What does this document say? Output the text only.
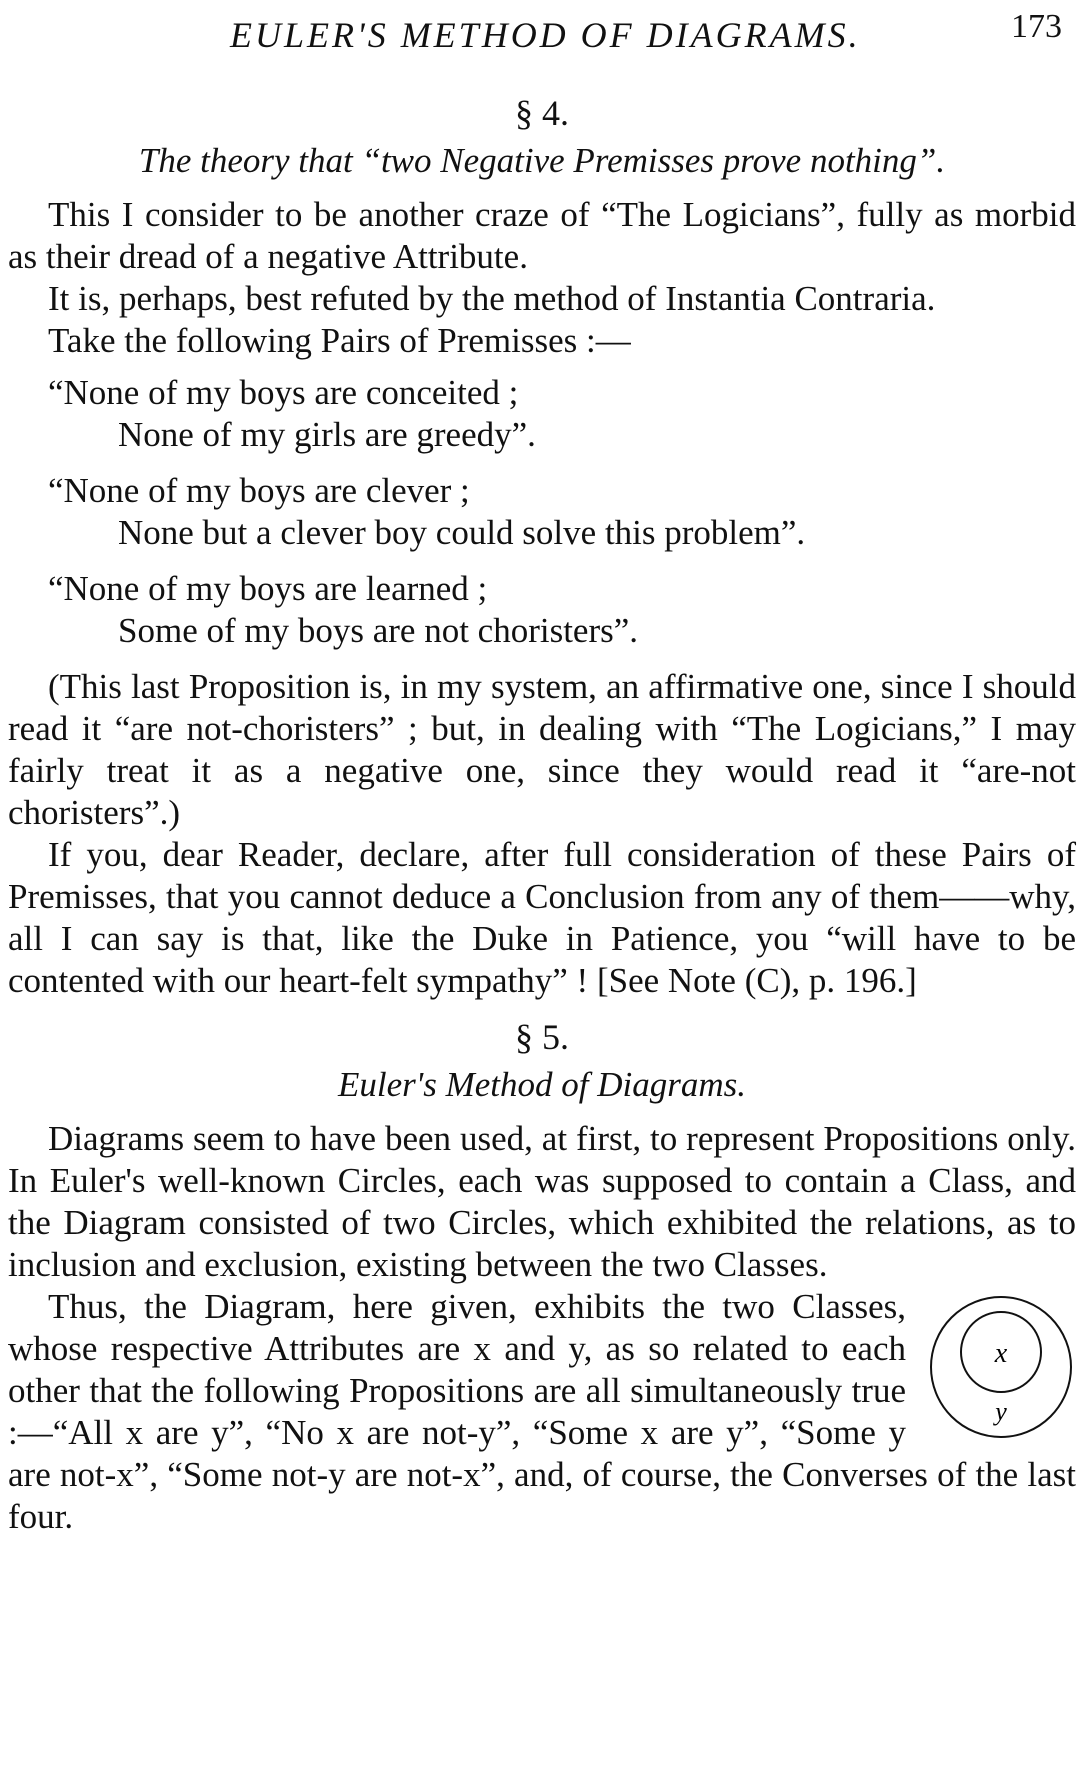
EULER'S METHOD OF DIAGRAMS.	173
§ 4.
The theory that “two Negative Premisses prove nothing”.

This I consider to be another craze of “The Logicians”, fully as morbid as their dread of a negative Attribute.

It is, perhaps, best refuted by the method of Instantia Contraria.

Take the following Pairs of Premisses :—

“None of my boys are conceited ;

None of my girls are greedy”.

“None of my boys are clever ;

None but a clever boy could solve this problem”.

“None of my boys are learned ;

Some of my boys are not choristers”.

(This last Proposition is, in my system, an affirmative one, since I should read it “are not-choristers” ; but, in dealing with “The Logicians,” I may fairly treat it as a negative one, since they would read it “are-not choristers”.)

If you, dear Reader, declare, after full consideration of these Pairs of Premisses, that you cannot deduce a Conclusion from any of them——why, all I can say is that, like the Duke in Patience, you “will have to be contented with our heart-felt sympathy” ! [See Note (C), p. 196.]

§ 5.
Euler's Method of Diagrams.

Diagrams seem to have been used, at first, to represent Propositions only. In Euler's well-known Circles, each was supposed to contain a Class, and the Diagram consisted of two Circles, which exhibited the relations, as to inclusion and exclusion, existing between the two Classes.

x
y

Thus, the Diagram, here given, exhibits the two Classes, whose respective Attributes are x and y, as so related to each other that the following Propositions are all simultaneously true :—“All x are y”, “No x are not-y”, “Some x are y”, “Some y are not-x”, “Some not-y are not-x”, and, of course, the Converses of the last four.
